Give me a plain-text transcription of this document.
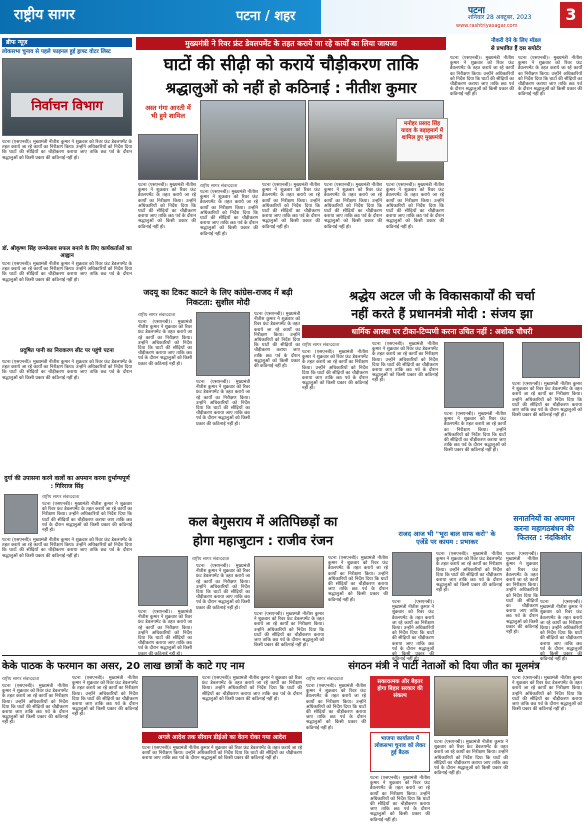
राष्ट्रीय सागर	पटना / शहर	पटना
शनिवार 28 अक्टूबर, 2023
www.rashtriyasagar.com
3
ब्रीफ न्यूज़
लोकसभा चुनाव से पहले फाइनल हुई ड्राफ्ट वोटर लिस्ट
निर्वाचन विभाग
पटना (एसएनबी)। मुख्यमंत्री नीतीश कुमार ने शुक्रवार को रिवर फ्रंट डेवलपमेंट के तहत कराये जा रहे कार्यों का निरीक्षण किया। उन्होंने अधिकारियों को निर्देश दिया कि घाटों की सीढ़ियों का चौड़ीकरण कराया जाए ताकि छठ पर्व के दौरान श्रद्धालुओं को किसी प्रकार की कठिनाई नहीं हो।
डॉ. श्रीकृष्ण सिंह जन्मोत्सव सफल बनाने के लिए कार्यकर्ताओं का आह्वान
पटना (एसएनबी)। मुख्यमंत्री नीतीश कुमार ने शुक्रवार को रिवर फ्रंट डेवलपमेंट के तहत कराये जा रहे कार्यों का निरीक्षण किया। उन्होंने अधिकारियों को निर्देश दिया कि घाटों की सीढ़ियों का चौड़ीकरण कराया जाए ताकि छठ पर्व के दौरान श्रद्धालुओं को किसी प्रकार की कठिनाई नहीं हो।
प्रदूषित पानी का निराकरण सीट पर पहुंचे पटना
पटना (एसएनबी)। मुख्यमंत्री नीतीश कुमार ने शुक्रवार को रिवर फ्रंट डेवलपमेंट के तहत कराये जा रहे कार्यों का निरीक्षण किया। उन्होंने अधिकारियों को निर्देश दिया कि घाटों की सीढ़ियों का चौड़ीकरण कराया जाए ताकि छठ पर्व के दौरान श्रद्धालुओं को किसी प्रकार की कठिनाई नहीं हो।
दुर्गा की उपासना करने वालों का अपमान करना दुर्भाग्यपूर्ण : गिरिराज सिंह
राष्ट्रीय सागर संवाददाता
पटना (एसएनबी)। मुख्यमंत्री नीतीश कुमार ने शुक्रवार को रिवर फ्रंट डेवलपमेंट के तहत कराये जा रहे कार्यों का निरीक्षण किया। उन्होंने अधिकारियों को निर्देश दिया कि घाटों की सीढ़ियों का चौड़ीकरण कराया जाए ताकि छठ पर्व के दौरान श्रद्धालुओं को किसी प्रकार की कठिनाई नहीं हो।
पटना (एसएनबी)। मुख्यमंत्री नीतीश कुमार ने शुक्रवार को रिवर फ्रंट डेवलपमेंट के तहत कराये जा रहे कार्यों का निरीक्षण किया। उन्होंने अधिकारियों को निर्देश दिया कि घाटों की सीढ़ियों का चौड़ीकरण कराया जाए ताकि छठ पर्व के दौरान श्रद्धालुओं को किसी प्रकार की कठिनाई नहीं हो।
मुख्यमंत्री ने रिवर फ्रंट डेवलपमेंट के तहत कराये जा रहे कार्यों का लिया जायजा
घाटों की सीढ़ी को करायें चौड़ीकरण ताकि
श्रद्धालुओं को नहीं हो कठिनाई : नीतीश कुमार
अस्त गंगा आरती में
भी हुये शामिल
राष्ट्रीय सागर संवाददाता
पटना (एसएनबी)। मुख्यमंत्री नीतीश कुमार ने शुक्रवार को रिवर फ्रंट डेवलपमेंट के तहत कराये जा रहे कार्यों का निरीक्षण किया। उन्होंने अधिकारियों को निर्देश दिया कि घाटों की सीढ़ियों का चौड़ीकरण कराया जाए ताकि छठ पर्व के दौरान श्रद्धालुओं को किसी प्रकार की कठिनाई नहीं हो।
पटना (एसएनबी)। मुख्यमंत्री नीतीश कुमार ने शुक्रवार को रिवर फ्रंट डेवलपमेंट के तहत कराये जा रहे कार्यों का निरीक्षण किया। उन्होंने अधिकारियों को निर्देश दिया कि घाटों की सीढ़ियों का चौड़ीकरण कराया जाए ताकि छठ पर्व के दौरान श्रद्धालुओं को किसी प्रकार की कठिनाई नहीं हो।
पटना (एसएनबी)। मुख्यमंत्री नीतीश कुमार ने शुक्रवार को रिवर फ्रंट डेवलपमेंट के तहत कराये जा रहे कार्यों का निरीक्षण किया। उन्होंने अधिकारियों को निर्देश दिया कि घाटों की सीढ़ियों का चौड़ीकरण कराया जाए ताकि छठ पर्व के दौरान श्रद्धालुओं को किसी प्रकार की कठिनाई नहीं हो।
पटना (एसएनबी)। मुख्यमंत्री नीतीश कुमार ने शुक्रवार को रिवर फ्रंट डेवलपमेंट के तहत कराये जा रहे कार्यों का निरीक्षण किया। उन्होंने अधिकारियों को निर्देश दिया कि घाटों की सीढ़ियों का चौड़ीकरण कराया जाए ताकि छठ पर्व के दौरान श्रद्धालुओं को किसी प्रकार की कठिनाई नहीं हो।
पटना (एसएनबी)। मुख्यमंत्री नीतीश कुमार ने शुक्रवार को रिवर फ्रंट डेवलपमेंट के तहत कराये जा रहे कार्यों का निरीक्षण किया। उन्होंने अधिकारियों को निर्देश दिया कि घाटों की सीढ़ियों का चौड़ीकरण कराया जाए ताकि छठ पर्व के दौरान श्रद्धालुओं को किसी प्रकार की कठिनाई नहीं हो।
नौकरी देने के लिए मॉडल
से प्रभावित हैं दस सपोर्टर
पटना (एसएनबी)। मुख्यमंत्री नीतीश कुमार ने शुक्रवार को रिवर फ्रंट डेवलपमेंट के तहत कराये जा रहे कार्यों का निरीक्षण किया। उन्होंने अधिकारियों को निर्देश दिया कि घाटों की सीढ़ियों का चौड़ीकरण कराया जाए ताकि छठ पर्व के दौरान श्रद्धालुओं को किसी प्रकार की कठिनाई नहीं हो।
मनोहर प्रसाद सिंह यादव के बड़ाहमार्ग में शामिल हुए मुख्यमंत्री
पटना (एसएनबी)। मुख्यमंत्री नीतीश कुमार ने शुक्रवार को रिवर फ्रंट डेवलपमेंट के तहत कराये जा रहे कार्यों का निरीक्षण किया। उन्होंने अधिकारियों को निर्देश दिया कि घाटों की सीढ़ियों का चौड़ीकरण कराया जाए ताकि छठ पर्व के दौरान श्रद्धालुओं को किसी प्रकार की कठिनाई नहीं हो।
जदयू का टिकट काटने के लिए कांग्रेस-राजद में बढ़ी निकटता: सुशील मोदी
राष्ट्रीय सागर संवाददाता
पटना (एसएनबी)। मुख्यमंत्री नीतीश कुमार ने शुक्रवार को रिवर फ्रंट डेवलपमेंट के तहत कराये जा रहे कार्यों का निरीक्षण किया। उन्होंने अधिकारियों को निर्देश दिया कि घाटों की सीढ़ियों का चौड़ीकरण कराया जाए ताकि छठ पर्व के दौरान श्रद्धालुओं को किसी प्रकार की कठिनाई नहीं हो।
पटना (एसएनबी)। मुख्यमंत्री नीतीश कुमार ने शुक्रवार को रिवर फ्रंट डेवलपमेंट के तहत कराये जा रहे कार्यों का निरीक्षण किया। उन्होंने अधिकारियों को निर्देश दिया कि घाटों की सीढ़ियों का चौड़ीकरण कराया जाए ताकि छठ पर्व के दौरान श्रद्धालुओं को किसी प्रकार की कठिनाई नहीं हो।
पटना (एसएनबी)। मुख्यमंत्री नीतीश कुमार ने शुक्रवार को रिवर फ्रंट डेवलपमेंट के तहत कराये जा रहे कार्यों का निरीक्षण किया। उन्होंने अधिकारियों को निर्देश दिया कि घाटों की सीढ़ियों का चौड़ीकरण कराया जाए ताकि छठ पर्व के दौरान श्रद्धालुओं को किसी प्रकार की कठिनाई नहीं हो।
श्रद्धेय अटल जी के विकासकार्यों की चर्चा
नहीं करते हैं प्रधानमंत्री मोदी : संजय झा
धार्मिक आस्था पर टीका-टिप्पणी करना उचित नहीं : अशोक चौधरी
राष्ट्रीय सागर संवाददाता
पटना (एसएनबी)। मुख्यमंत्री नीतीश कुमार ने शुक्रवार को रिवर फ्रंट डेवलपमेंट के तहत कराये जा रहे कार्यों का निरीक्षण किया। उन्होंने अधिकारियों को निर्देश दिया कि घाटों की सीढ़ियों का चौड़ीकरण कराया जाए ताकि छठ पर्व के दौरान श्रद्धालुओं को किसी प्रकार की कठिनाई नहीं हो।
पटना (एसएनबी)। मुख्यमंत्री नीतीश कुमार ने शुक्रवार को रिवर फ्रंट डेवलपमेंट के तहत कराये जा रहे कार्यों का निरीक्षण किया। उन्होंने अधिकारियों को निर्देश दिया कि घाटों की सीढ़ियों का चौड़ीकरण कराया जाए ताकि छठ पर्व के दौरान श्रद्धालुओं को किसी प्रकार की कठिनाई नहीं हो।
पटना (एसएनबी)। मुख्यमंत्री नीतीश कुमार ने शुक्रवार को रिवर फ्रंट डेवलपमेंट के तहत कराये जा रहे कार्यों का निरीक्षण किया। उन्होंने अधिकारियों को निर्देश दिया कि घाटों की सीढ़ियों का चौड़ीकरण कराया जाए ताकि छठ पर्व के दौरान श्रद्धालुओं को किसी प्रकार की कठिनाई नहीं हो।
पटना (एसएनबी)। मुख्यमंत्री नीतीश कुमार ने शुक्रवार को रिवर फ्रंट डेवलपमेंट के तहत कराये जा रहे कार्यों का निरीक्षण किया। उन्होंने अधिकारियों को निर्देश दिया कि घाटों की सीढ़ियों का चौड़ीकरण कराया जाए ताकि छठ पर्व के दौरान श्रद्धालुओं को किसी प्रकार की कठिनाई नहीं हो।
कल बेगुसराय में अतिपिछड़ों का
होगा महाजुटान : राजीव रंजन
राष्ट्रीय सागर संवाददाता
पटना (एसएनबी)। मुख्यमंत्री नीतीश कुमार ने शुक्रवार को रिवर फ्रंट डेवलपमेंट के तहत कराये जा रहे कार्यों का निरीक्षण किया। उन्होंने अधिकारियों को निर्देश दिया कि घाटों की सीढ़ियों का चौड़ीकरण कराया जाए ताकि छठ पर्व के दौरान श्रद्धालुओं को किसी
पटना (एसएनबी)। मुख्यमंत्री नीतीश कुमार ने शुक्रवार को रिवर फ्रंट डेवलपमेंट के तहत कराये जा रहे कार्यों का निरीक्षण किया। उन्होंने अधिकारियों को निर्देश दिया कि घाटों की सीढ़ियों का चौड़ीकरण कराया जाए ताकि छठ पर्व के दौरान श्रद्धालुओं को किसी प्रकार की कठिनाई नहीं हो।
पटना (एसएनबी)। मुख्यमंत्री नीतीश कुमार ने शुक्रवार को रिवर फ्रंट डेवलपमेंट के तहत कराये जा रहे कार्यों का निरीक्षण किया। उन्होंने अधिकारियों को निर्देश दिया कि घाटों की सीढ़ियों का चौड़ीकरण कराया जाए ताकि छठ पर्व के दौरान श्रद्धालुओं को किसी प्रकार की कठिनाई नहीं हो।
पटना (एसएनबी)। मुख्यमंत्री नीतीश कुमार ने शुक्रवार को रिवर फ्रंट डेवलपमेंट के तहत कराये जा रहे कार्यों का निरीक्षण किया। उन्होंने अधिकारियों को निर्देश दिया कि घाटों की सीढ़ियों का चौड़ीकरण कराया जाए ताकि छठ पर्व के दौरान श्रद्धालुओं को किसी प्रकार की कठिनाई नहीं हो।
राजद आज भी "भूरा बाल साफ करो" के एजेंडे पर कायम : प्रभाकर
पटना (एसएनबी)। मुख्यमंत्री नीतीश कुमार ने शुक्रवार को रिवर फ्रंट डेवलपमेंट के तहत कराये जा रहे कार्यों का निरीक्षण किया। उन्होंने अधिकारियों को निर्देश दिया कि घाटों की सीढ़ियों का चौड़ीकरण कराया जाए ताकि छठ पर्व के दौरान श्रद्धालुओं को किसी प्रकार की कठिनाई नहीं हो।
पटना (एसएनबी)। मुख्यमंत्री नीतीश कुमार ने शुक्रवार को रिवर फ्रंट डेवलपमेंट के तहत कराये जा रहे कार्यों का निरीक्षण किया। उन्होंने अधिकारियों को निर्देश दिया कि घाटों की सीढ़ियों का चौड़ीकरण कराया जाए ताकि छठ पर्व के दौरान श्रद्धालुओं कठिनाई नहीं हो।
सनातनियों का अपमान करना महागठबंधन की फितरत : नंदकिशोर
पटना (एसएनबी)। मुख्यमंत्री नीतीश कुमार ने शुक्रवार को रिवर फ्रंट डेवलपमेंट के तहत कराये जा रहे कार्यों का निरीक्षण किया। उन्होंने अधिकारियों को निर्देश दिया कि घाटों की सीढ़ियों का चौड़ीकरण कराया जाए ताकि छठ पर्व के दौरान श्रद्धालुओं को किसी प्रकार की कठिनाई नहीं हो।
पटना (एसएनबी)। मुख्यमंत्री नीतीश कुमार ने शुक्रवार को रिवर फ्रंट डेवलपमेंट के तहत कराये जा रहे कार्यों का निरीक्षण किया। उन्होंने अधिकारियों को निर्देश दिया कि घाटों की सीढ़ियों का चौड़ीकरण कराया जाए ताकि छठ पर्व के दौरान श्रद्धालुओं कठिनाई नहीं हो।
केके पाठक के फरमान का असर, 20 लाख छात्रों के काटे गए नाम
राष्ट्रीय सागर संवाददाता
पटना (एसएनबी)। मुख्यमंत्री नीतीश कुमार ने शुक्रवार को रिवर फ्रंट डेवलपमेंट के तहत कराये जा रहे कार्यों का निरीक्षण किया। उन्होंने अधिकारियों को निर्देश दिया कि घाटों की सीढ़ियों का चौड़ीकरण कराया जाए ताकि छठ पर्व के दौरान श्रद्धालुओं को किसी प्रकार की कठिनाई नहीं हो।
पटना (एसएनबी)। मुख्यमंत्री नीतीश कुमार ने शुक्रवार को रिवर फ्रंट डेवलपमेंट के तहत कराये जा रहे कार्यों का निरीक्षण किया। उन्होंने अधिकारियों को निर्देश दिया कि घाटों की सीढ़ियों का चौड़ीकरण कराया जाए ताकि छठ पर्व के दौरान श्रद्धालुओं को किसी प्रकार की कठिनाई नहीं हो।
पटना (एसएनबी)। मुख्यमंत्री नीतीश कुमार ने शुक्रवार को रिवर फ्रंट डेवलपमेंट के तहत कराये जा रहे कार्यों का निरीक्षण किया। उन्होंने अधिकारियों को निर्देश दिया कि घाटों की सीढ़ियों का चौड़ीकरण कराया जाए ताकि छठ पर्व के दौरान श्रद्धालुओं को किसी प्रकार की कठिनाई नहीं हो।
अगले आदेश तक सीवान डीईओ का वेतन रोका गया आदेश
पटना (एसएनबी)। मुख्यमंत्री नीतीश कुमार ने शुक्रवार को रिवर फ्रंट डेवलपमेंट के तहत कराये जा रहे कार्यों का निरीक्षण किया। उन्होंने अधिकारियों को निर्देश दिया कि घाटों की सीढ़ियों का चौड़ीकरण कराया जाए ताकि छठ पर्व के दौरान श्रद्धालुओं को किसी प्रकार की कठिनाई नहीं हो।
संगठन मंत्री ने पार्टी नेताओं को दिया जीत का मूलमंत्र
राष्ट्रीय सागर संवाददाता
पटना (एसएनबी)। मुख्यमंत्री नीतीश कुमार ने शुक्रवार को रिवर फ्रंट डेवलपमेंट के तहत कराये जा रहे कार्यों का निरीक्षण किया। उन्होंने अधिकारियों को निर्देश दिया कि घाटों की सीढ़ियों का चौड़ीकरण कराया जाए ताकि छठ पर्व के दौरान श्रद्धालुओं को किसी प्रकार की कठिनाई नहीं हो।
सकारात्मक और बेहतर होगा बिहार सरकार की संकल्प
भाजपा कार्यालय में लोकसभा चुनाव को लेकर हुई बैठक
पटना (एसएनबी)। मुख्यमंत्री नीतीश कुमार ने शुक्रवार को रिवर फ्रंट डेवलपमेंट के तहत कराये जा रहे कार्यों का निरीक्षण किया। उन्होंने अधिकारियों को निर्देश दिया कि घाटों की सीढ़ियों का चौड़ीकरण कराया जाए ताकि छठ पर्व के दौरान श्रद्धालुओं को किसी प्रकार की कठिनाई नहीं हो।
पटना (एसएनबी)। मुख्यमंत्री नीतीश कुमार ने शुक्रवार को रिवर फ्रंट डेवलपमेंट के तहत कराये जा रहे कार्यों का निरीक्षण किया। उन्होंने अधिकारियों को निर्देश दिया कि घाटों की सीढ़ियों का चौड़ीकरण कराया जाए ताकि छठ पर्व के दौरान श्रद्धालुओं को किसी प्रकार की कठिनाई नहीं हो।
पटना (एसएनबी)। मुख्यमंत्री नीतीश कुमार ने शुक्रवार को रिवर फ्रंट डेवलपमेंट के तहत कराये जा रहे कार्यों का निरीक्षण किया। उन्होंने अधिकारियों को निर्देश दिया कि घाटों की सीढ़ियों का चौड़ीकरण कराया जाए ताकि छठ पर्व के दौरान श्रद्धालुओं को किसी प्रकार की कठिनाई नहीं हो।
